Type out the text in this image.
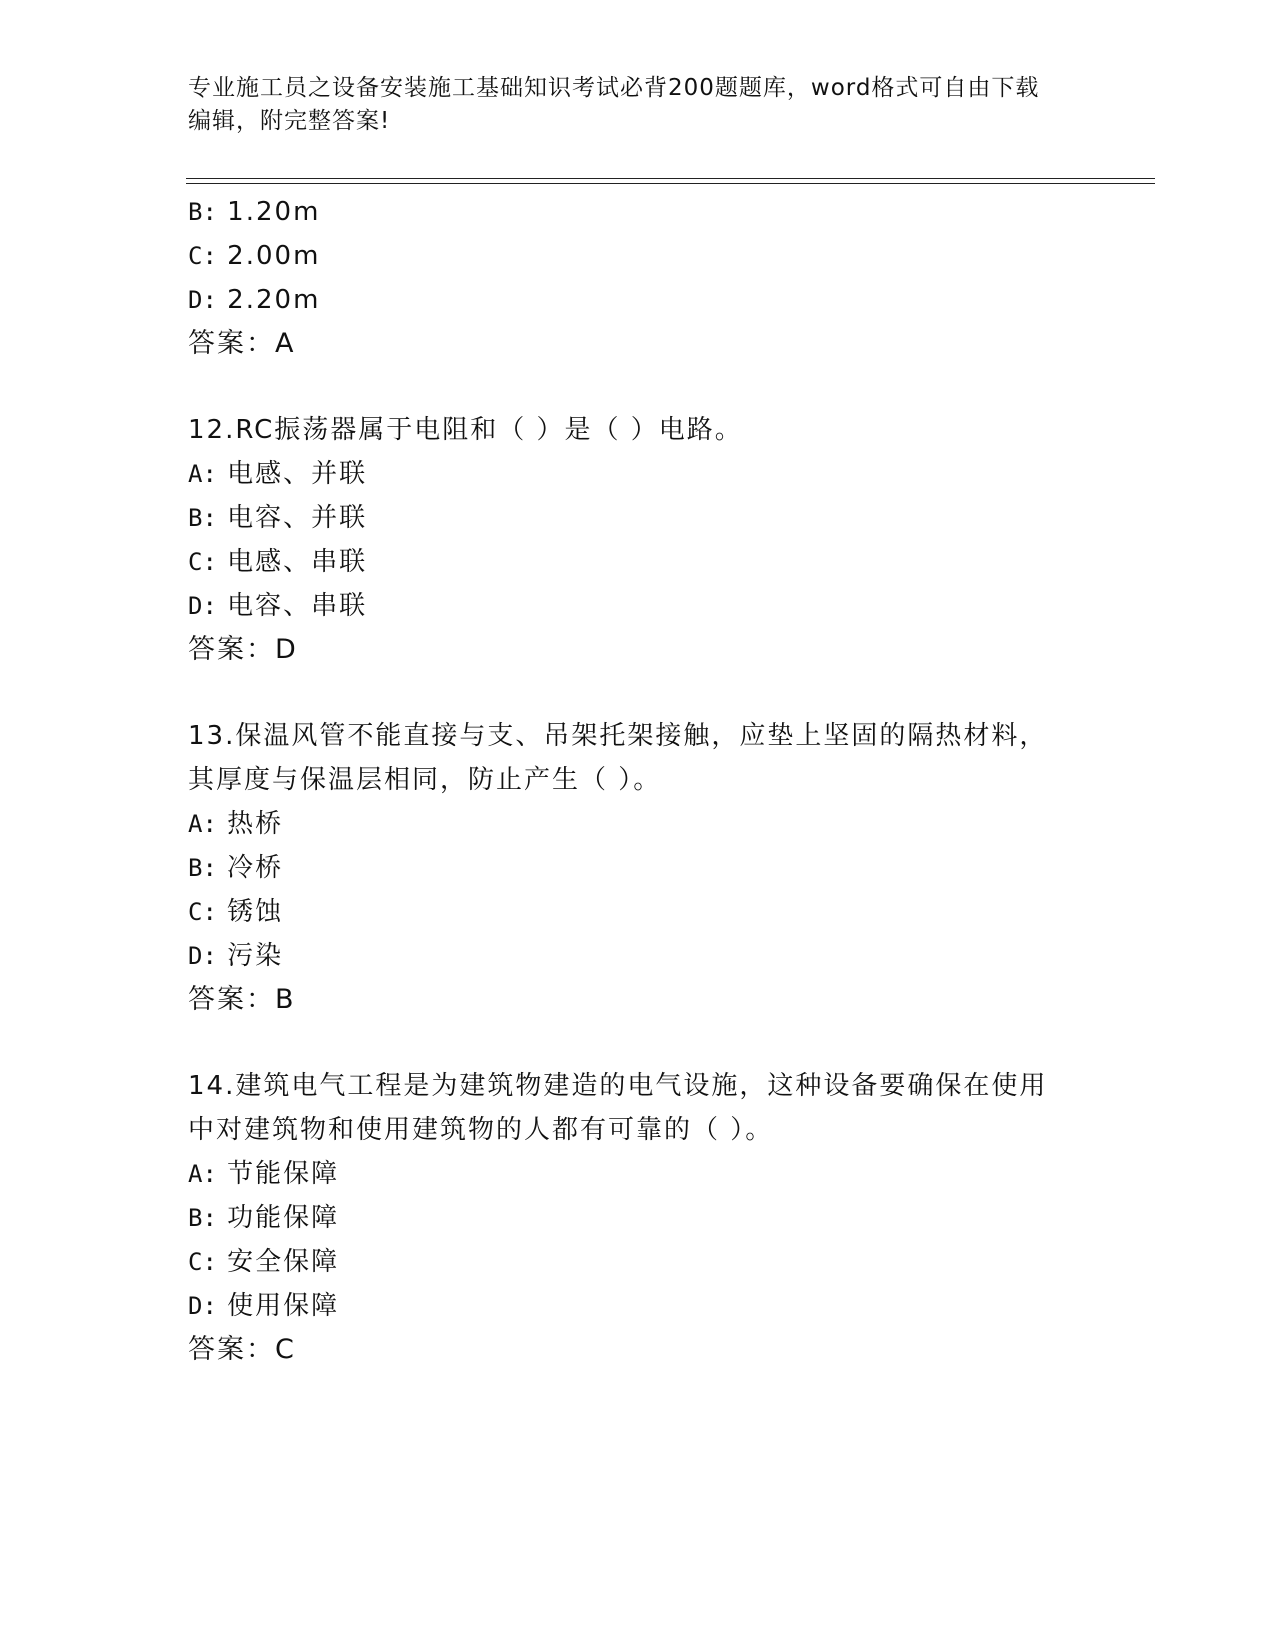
专业施工员之设备安装施工基础知识考试必背200题题库，word格式可自由下载
编辑，附完整答案!
B: 1.20m
C: 2.00m
D: 2.20m
答案：A
12.RC振荡器属于电阻和（ ）是（ ）电路。
A: 电感、并联
B: 电容、并联
C: 电感、串联
D: 电容、串联
答案：D
13.保温风管不能直接与支、吊架托架接触，应垫上坚固的隔热材料，
其厚度与保温层相同，防止产生（ ）。
A: 热桥
B: 冷桥
C: 锈蚀
D: 污染
答案：B
14.建筑电气工程是为建筑物建造的电气设施，这种设备要确保在使用
中对建筑物和使用建筑物的人都有可靠的（ ）。
A: 节能保障
B: 功能保障
C: 安全保障
D: 使用保障
答案：C
